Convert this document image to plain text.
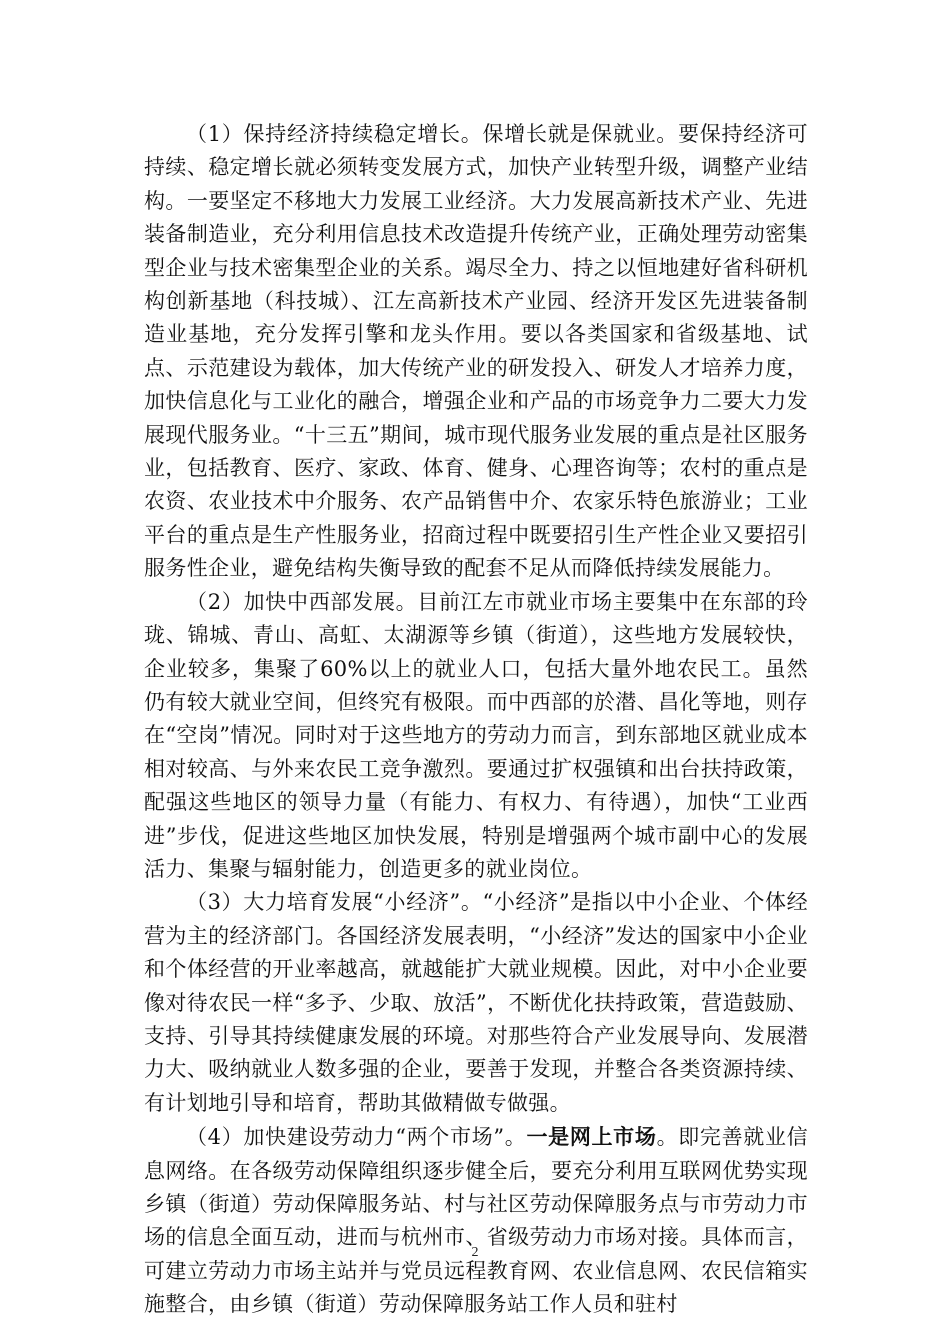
（1）保持经济持续稳定增长。保增长就是保就业。要保持经济可持续、稳定增长就必须转变发展方式，加快产业转型升级，调整产业结构。一要坚定不移地大力发展工业经济。大力发展高新技术产业、先进装备制造业，充分利用信息技术改造提升传统产业，正确处理劳动密集型企业与技术密集型企业的关系。竭尽全力、持之以恒地建好省科研机构创新基地（科技城）、江左高新技术产业园、经济开发区先进装备制造业基地，充分发挥引擎和龙头作用。要以各类国家和省级基地、试点、示范建设为载体，加大传统产业的研发投入、研发人才培养力度，加快信息化与工业化的融合，增强企业和产品的市场竞争力二要大力发展现代服务业。“十三五”期间，城市现代服务业发展的重点是社区服务业，包括教育、医疗、家政、体育、健身、心理咨询等；农村的重点是农资、农业技术中介服务、农产品销售中介、农家乐特色旅游业；工业平台的重点是生产性服务业，招商过程中既要招引生产性企业又要招引服务性企业，避免结构失衡导致的配套不足从而降低持续发展能力。

（2）加快中西部发展。目前江左市就业市场主要集中在东部的玲珑、锦城、青山、高虹、太湖源等乡镇（街道），这些地方发展较快，企业较多，集聚了60%以上的就业人口，包括大量外地农民工。虽然仍有较大就业空间，但终究有极限。而中西部的於潜、昌化等地，则存在“空岗”情况。同时对于这些地方的劳动力而言，到东部地区就业成本相对较高、与外来农民工竞争激烈。要通过扩权强镇和出台扶持政策，配强这些地区的领导力量（有能力、有权力、有待遇），加快“工业西进”步伐，促进这些地区加快发展，特别是增强两个城市副中心的发展活力、集聚与辐射能力，创造更多的就业岗位。

（3）大力培育发展“小经济”。“小经济”是指以中小企业、个体经营为主的经济部门。各国经济发展表明，“小经济”发达的国家中小企业和个体经营的开业率越高，就越能扩大就业规模。因此，对中小企业要像对待农民一样“多予、少取、放活”，不断优化扶持政策，营造鼓励、支持、引导其持续健康发展的环境。对那些符合产业发展导向、发展潜力大、吸纳就业人数多强的企业，要善于发现，并整合各类资源持续、有计划地引导和培育，帮助其做精做专做强。

（4）加快建设劳动力“两个市场”。一是网上市场。即完善就业信息网络。在各级劳动保障组织逐步健全后，要充分利用互联网优势实现乡镇（街道）劳动保障服务站、村与社区劳动保障服务点与市劳动力市场的信息全面互动，进而与杭州市、省级劳动力市场对接。具体而言，可建立劳动力市场主站并与党员远程教育网、农业信息网、农民信箱实施整合，由乡镇（街道）劳动保障服务站工作人员和驻村

2
